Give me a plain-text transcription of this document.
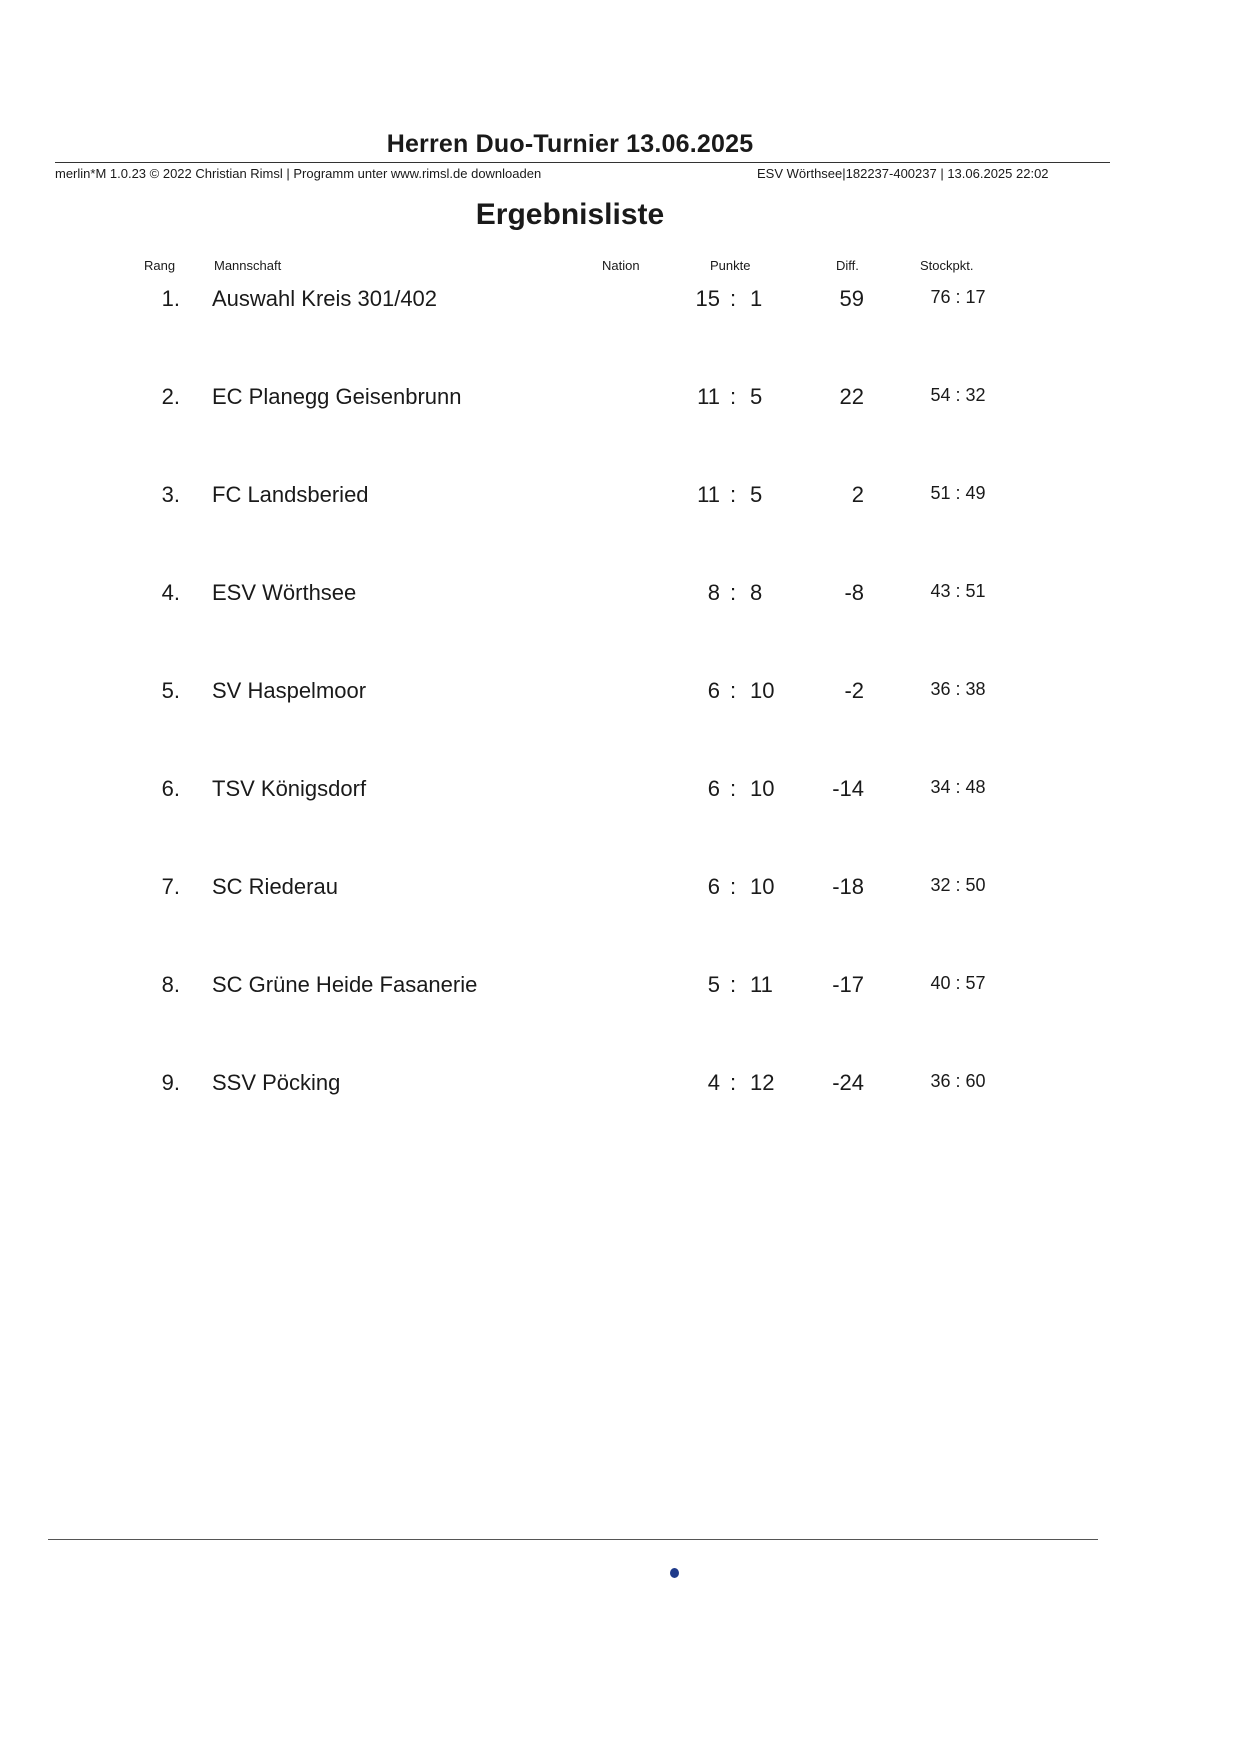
Herren Duo-Turnier 13.06.2025
merlin*M 1.0.23 © 2022 Christian Rimsl | Programm unter www.rimsl.de downloaden	ESV Wörthsee|182237-400237 | 13.06.2025 22:02
Ergebnisliste
Rang	Mannschaft	Nation	Punkte	Diff.	Stockpkt.
1. Auswahl Kreis 301/402	15 : 1	59	76 : 17
2. EC Planegg Geisenbrunn	11 : 5	22	54 : 32
3. FC Landsberied	11 : 5	2	51 : 49
4. ESV Wörthsee	8 : 8	-8	43 : 51
5. SV Haspelmoor	6 : 10	-2	36 : 38
6. TSV Königsdorf	6 : 10	-14	34 : 48
7. SC Riederau	6 : 10	-18	32 : 50
8. SC Grüne Heide Fasanerie	5 : 11	-17	40 : 57
9. SSV Pöcking	4 : 12	-24	36 : 60
